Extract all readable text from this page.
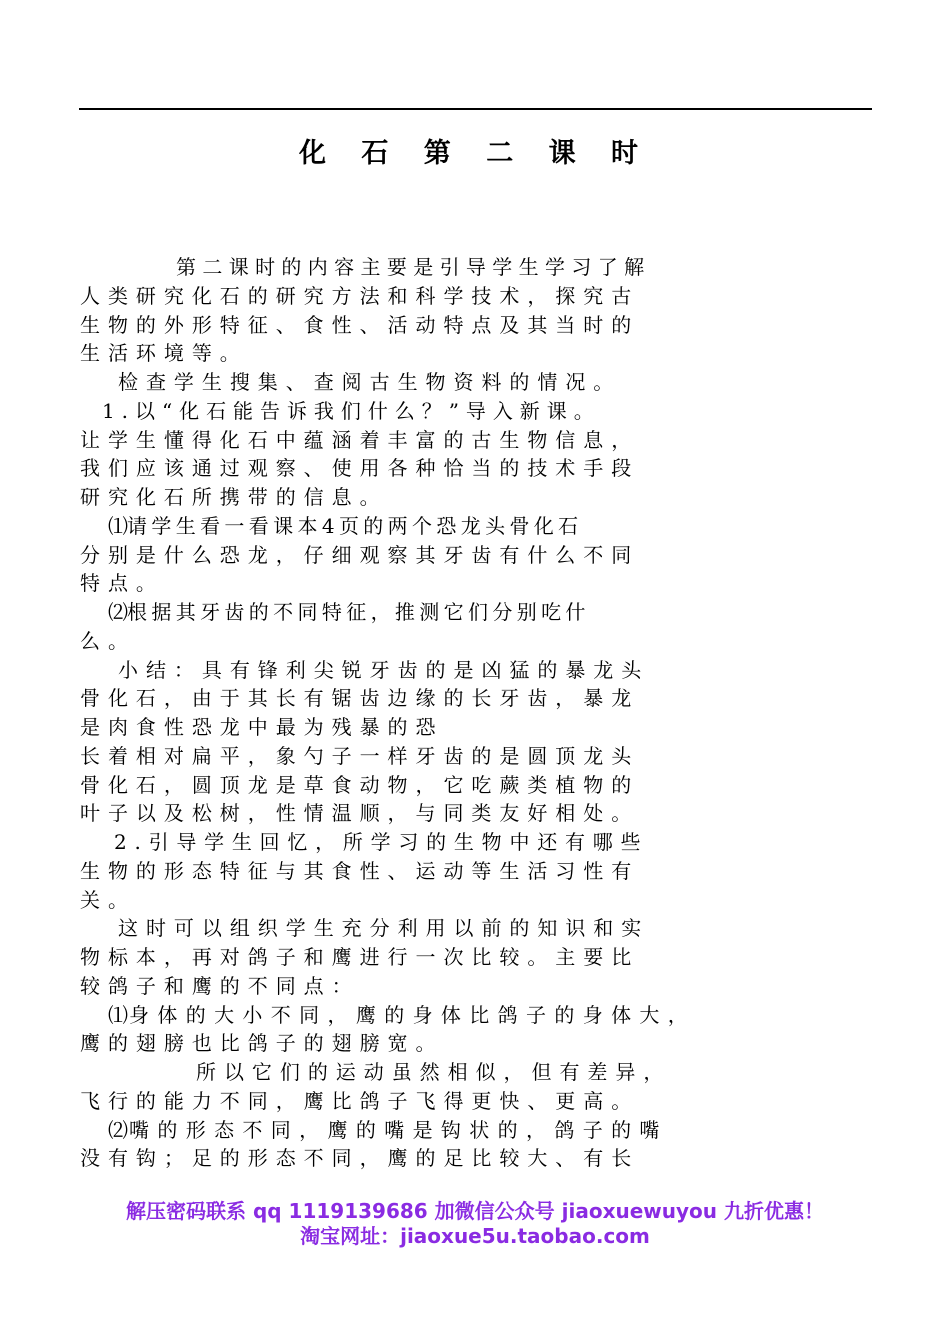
化 石 第 二 课 时
第 二 课 时 的 内 容 主 要 是 引 导 学 生 学 习 了 解
人 类 研 究 化 石 的 研 究 方 法 和 科 学 技 术 ， 探 究 古
生 物 的 外 形 特 征 、 食 性 、 活 动 特 点 及 其 当 时 的
生 活 环 境 等 。
检 查 学 生 搜 集 、 查 阅 古 生 物 资 料 的 情 况 。
1 . 以 “ 化 石 能 告 诉 我 们 什 么 ？ ” 导 入 新 课 。
让 学 生 懂 得 化 石 中 蕴 涵 着 丰 富 的 古 生 物 信 息 ，
我 们 应 该 通 过 观 察 、 使 用 各 种 恰 当 的 技 术 手 段
研 究 化 石 所 携 带 的 信 息 。
⑴请 学 生 看 一 看 课 本 4 页 的 两 个 恐 龙 头 骨 化 石
分 别 是 什 么 恐 龙 ， 仔 细 观 察 其 牙 齿 有 什 么 不 同
特 点 。
⑵根 据 其 牙 齿 的 不 同 特 征 ， 推 测 它 们 分 别 吃 什
么 。
小 结 ： 具 有 锋 利 尖 锐 牙 齿 的 是 凶 猛 的 暴 龙 头
骨 化 石 ， 由 于 其 长 有 锯 齿 边 缘 的 长 牙 齿 ， 暴 龙
是 肉 食 性 恐 龙 中 最 为 残 暴 的 恐
长 着 相 对 扁 平 ， 象 勺 子 一 样 牙 齿 的 是 圆 顶 龙 头
骨 化 石 ， 圆 顶 龙 是 草 食 动 物 ， 它 吃 蕨 类 植 物 的
叶 子 以 及 松 树 ， 性 情 温 顺 ， 与 同 类 友 好 相 处 。
2 . 引 导 学 生 回 忆 ， 所 学 习 的 生 物 中 还 有 哪 些
生 物 的 形 态 特 征 与 其 食 性 、 运 动 等 生 活 习 性 有
关 。
这 时 可 以 组 织 学 生 充 分 利 用 以 前 的 知 识 和 实
物 标 本 ， 再 对 鸽 子 和 鹰 进 行 一 次 比 较 。 主 要 比
较 鸽 子 和 鹰 的 不 同 点 ：
⑴身 体 的 大 小 不 同 ， 鹰 的 身 体 比 鸽 子 的 身 体 大 ，
鹰 的 翅 膀 也 比 鸽 子 的 翅 膀 宽 。
所 以 它 们 的 运 动 虽 然 相 似 ， 但 有 差 异 ，
飞 行 的 能 力 不 同 ， 鹰 比 鸽 子 飞 得 更 快 、 更 高 。
⑵嘴 的 形 态 不 同 ， 鹰 的 嘴 是 钩 状 的 ， 鸽 子 的 嘴
没 有 钩 ； 足 的 形 态 不 同 ， 鹰 的 足 比 较 大 、 有 长
解压密码联系 qq 1119139686 加微信公众号 jiaoxuewuyou 九折优惠！
淘宝网址：jiaoxue5u.taobao.com
